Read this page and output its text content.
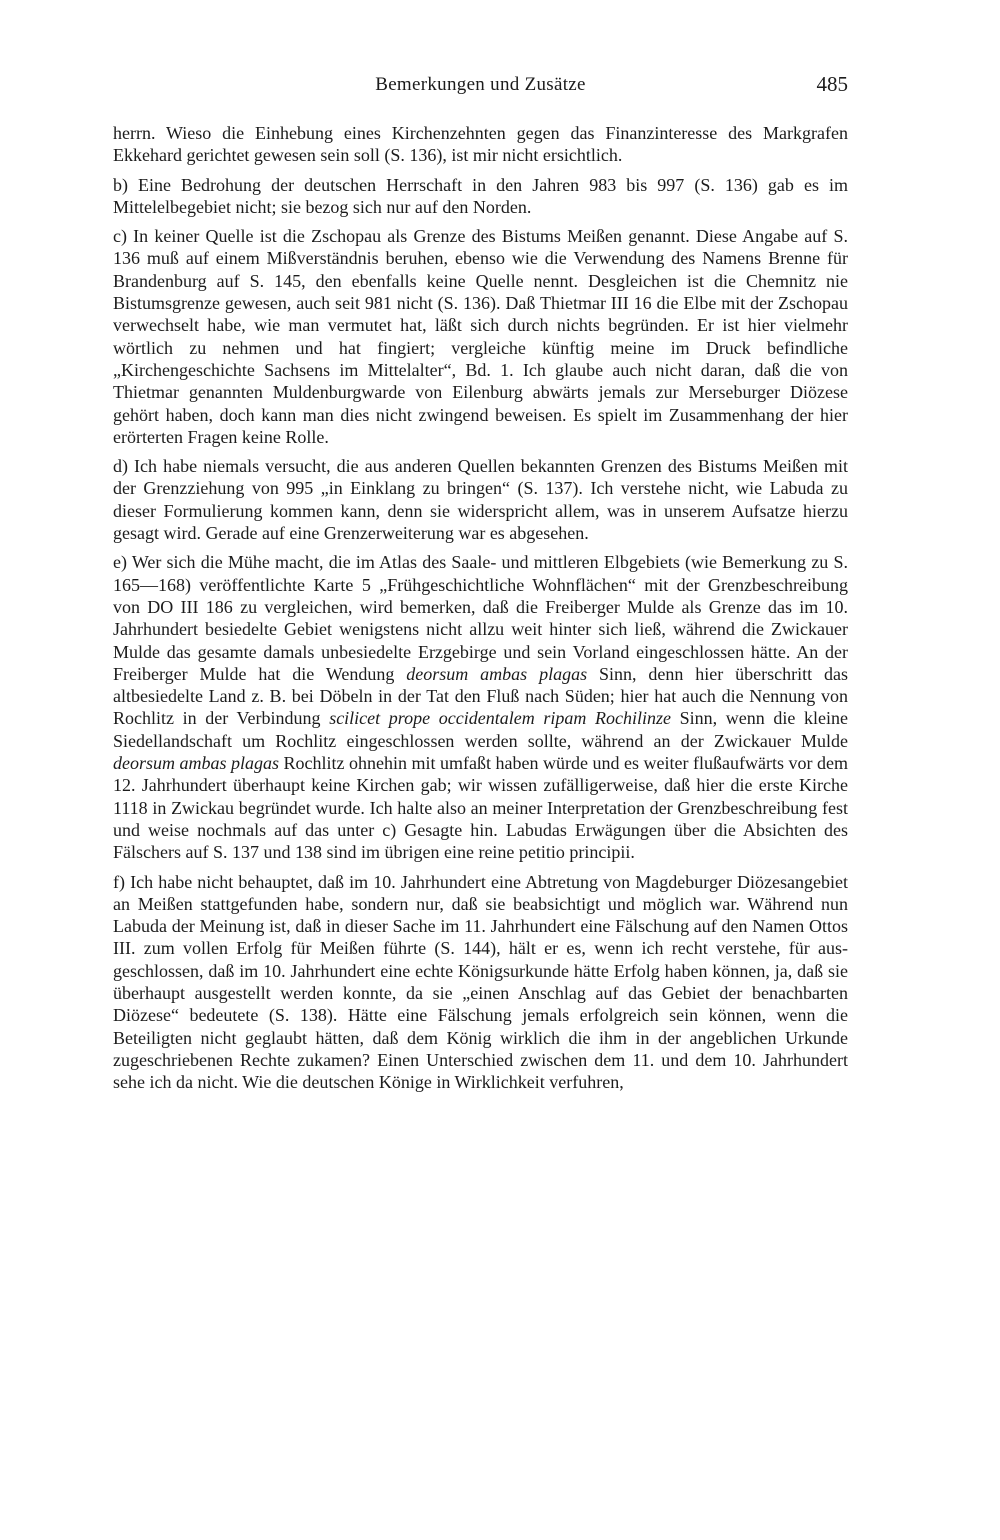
Bemerkungen und Zusätze	485

herrn. Wieso die Einhebung eines Kirchenzehnten gegen das Finanzinteresse des Markgrafen Ekkehard gerichtet gewesen sein soll (S. 136), ist mir nicht ersichtlich.

b) Eine Bedrohung der deutschen Herrschaft in den Jahren 983 bis 997 (S. 136) gab es im Mittelelbegebiet nicht; sie bezog sich nur auf den Norden.

c) In keiner Quelle ist die Zschopau als Grenze des Bistums Meißen genannt. Diese Angabe auf S. 136 muß auf einem Mißverständnis beruhen, ebenso wie die Verwendung des Namens Brenne für Brandenburg auf S. 145, den ebenfalls keine Quelle nennt. Desgleichen ist die Chemnitz nie Bistumsgrenze gewesen, auch seit 981 nicht (S. 136). Daß Thietmar III 16 die Elbe mit der Zschopau verwechselt habe, wie man vermutet hat, läßt sich durch nichts begründen. Er ist hier vielmehr wörtlich zu nehmen und hat fingiert; vergleiche künftig meine im Druck befindliche „Kirchengeschichte Sachsens im Mittelalter“, Bd. 1. Ich glaube auch nicht daran, daß die von Thietmar genannten Muldenburgwarde von Eilenburg abwärts jemals zur Merseburger Diözese gehört haben, doch kann man dies nicht zwingend beweisen. Es spielt im Zusammenhang der hier erörterten Fragen keine Rolle.

d) Ich habe niemals versucht, die aus anderen Quellen bekannten Grenzen des Bistums Meißen mit der Grenzziehung von 995 „in Einklang zu bringen“ (S. 137). Ich verstehe nicht, wie Labuda zu dieser Formulierung kommen kann, denn sie widerspricht allem, was in unserem Aufsatze hierzu gesagt wird. Gerade auf eine Grenzerweiterung war es abgesehen.

e) Wer sich die Mühe macht, die im Atlas des Saale- und mittleren Elbgebiets (wie Bemerkung zu S. 165—168) veröffentlichte Karte 5 „Frühgeschichtliche Wohnflächen“ mit der Grenzbeschreibung von DO III 186 zu vergleichen, wird bemerken, daß die Freiberger Mulde als Grenze das im 10. Jahrhundert besiedelte Gebiet wenigstens nicht allzu weit hinter sich ließ, während die Zwickauer Mulde das gesamte damals unbesiedelte Erzgebirge und sein Vorland eingeschlossen hätte. An der Freiberger Mulde hat die Wendung deorsum ambas plagas Sinn, denn hier überschritt das altbesiedelte Land z. B. bei Döbeln in der Tat den Fluß nach Süden; hier hat auch die Nennung von Rochlitz in der Verbindung scilicet prope occidentalem ripam Rochilinze Sinn, wenn die kleine Siedellandschaft um Rochlitz eingeschlossen werden sollte, während an der Zwickauer Mulde deorsum ambas plagas Rochlitz ohnehin mit umfaßt haben würde und es weiter flußaufwärts vor dem 12. Jahrhundert überhaupt keine Kirchen gab; wir wissen zufälligerweise, daß hier die erste Kirche 1118 in Zwickau begründet wurde. Ich halte also an meiner Interpretation der Grenzbeschreibung fest und weise nochmals auf das unter c) Gesagte hin. Labudas Erwägungen über die Absichten des Fälschers auf S. 137 und 138 sind im übrigen eine reine petitio principii.

f) Ich habe nicht behauptet, daß im 10. Jahrhundert eine Abtretung von Magdeburger Diözesangebiet an Meißen stattgefunden habe, sondern nur, daß sie beabsichtigt und möglich war. Während nun Labuda der Meinung ist, daß in dieser Sache im 11. Jahrhundert eine Fälschung auf den Namen Ottos III. zum vollen Erfolg für Meißen führte (S. 144), hält er es, wenn ich recht verstehe, für ausgeschlossen, daß im 10. Jahrhundert eine echte Königsurkunde hätte Erfolg haben können, ja, daß sie überhaupt ausgestellt werden konnte, da sie „einen Anschlag auf das Gebiet der benachbarten Diözese“ bedeutete (S. 138). Hätte eine Fälschung jemals erfolgreich sein können, wenn die Beteiligten nicht geglaubt hätten, daß dem König wirklich die ihm in der angeblichen Urkunde zugeschriebenen Rechte zukamen? Einen Unterschied zwischen dem 11. und dem 10. Jahrhundert sehe ich da nicht. Wie die deutschen Könige in Wirklichkeit verfuhren,
